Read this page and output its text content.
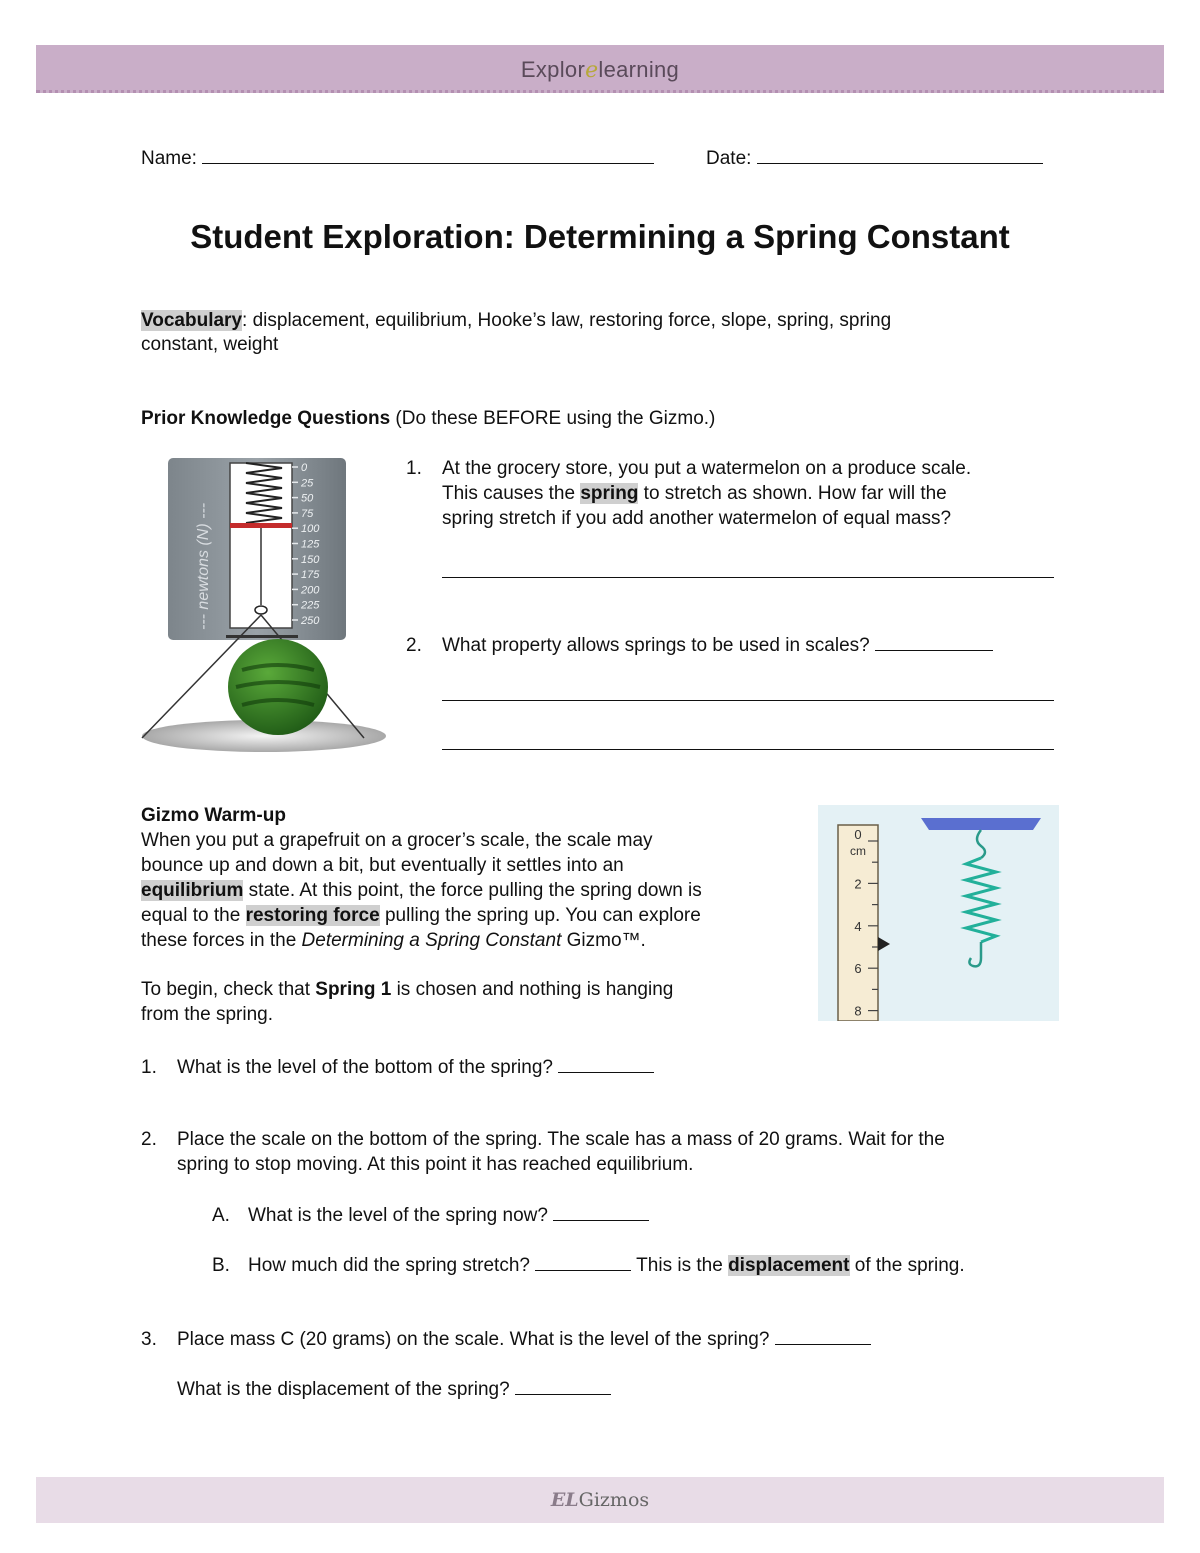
Explorelearning
Name:	Date:
Student Exploration: Determining a Spring Constant
Vocabulary: displacement, equilibrium, Hooke’s law, restoring force, slope, spring, spring
constant, weight
Prior Knowledge Questions (Do these BEFORE using the Gizmo.)
--- newtons (N) ---
0
25
50
75
100
125
150
175
200
225
250
1. At the grocery store, you put a watermelon on a produce scale.
This causes the spring to stretch as shown. How far will the
spring stretch if you add another watermelon of equal mass?
2. What property allows springs to be used in scales?
Gizmo Warm-up
When you put a grapefruit on a grocer’s scale, the scale may
bounce up and down a bit, but eventually it settles into an
equilibrium state. At this point, the force pulling the spring down is
equal to the restoring force pulling the spring up. You can explore
these forces in the Determining a Spring Constant Gizmo™.
To begin, check that Spring 1 is chosen and nothing is hanging
from the spring.
cm
0
2
4
6
8
1. What is the level of the bottom of the spring?
2. Place the scale on the bottom of the spring. The scale has a mass of 20 grams. Wait for the
spring to stop moving. At this point it has reached equilibrium.
A. What is the level of the spring now?
B. How much did the spring stretch?	This is the displacement of the spring.
3. Place mass C (20 grams) on the scale. What is the level of the spring?
What is the displacement of the spring?
ELGizmos
